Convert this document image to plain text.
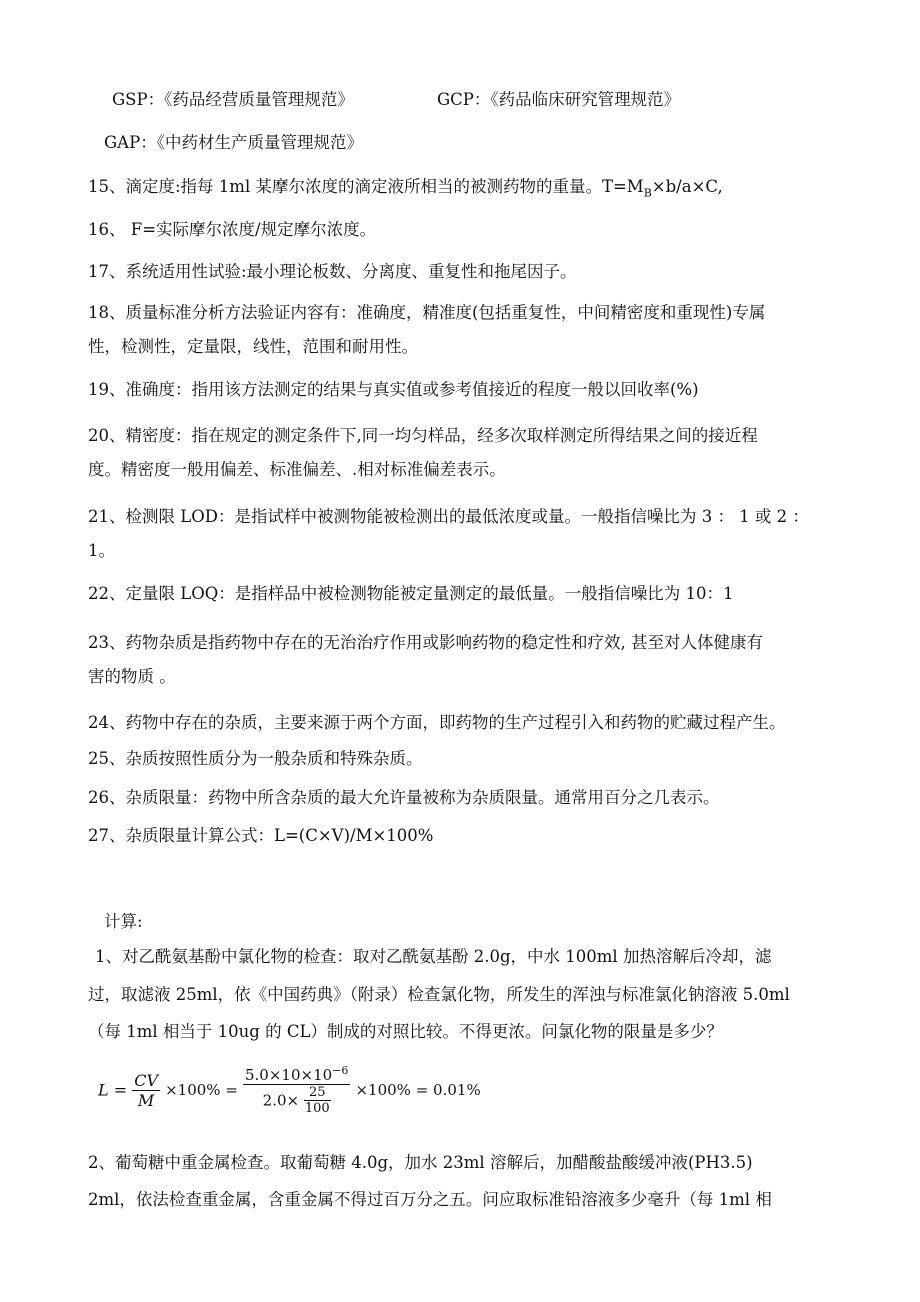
GSP：《药品经营质量管理规范》	GCP：《药品临床研究管理规范》
GAP：《中药材生产质量管理规范》
15、滴定度:指每 1ml 某摩尔浓度的滴定液所相当的被测药物的重量。$T=M_B\times b/a\times C$,
16、 F=实际摩尔浓度/规定摩尔浓度。
17、系统适用性试验:最小理论板数、分离度、重复性和拖尾因子。
18、质量标准分析方法验证内容有：准确度，精准度(包括重复性，中间精密度和重现性)专属
性，检测性，定量限，线性，范围和耐用性。
19、准确度：指用该方法测定的结果与真实值或参考值接近的程度一般以回收率(%)
20、精密度：指在规定的测定条件下,同一均匀样品，经多次取样测定所得结果之间的接近程
度。精密度一般用偏差、标准偏差、.相对标准偏差表示。
21、检测限 LOD：是指试样中被测物能被检测出的最低浓度或量。一般指信噪比为 3 ： 1 或 2 ：
1。
22、定量限 LOQ：是指样品中被检测物能被定量测定的最低量。一般指信噪比为 10：1
23、药物杂质是指药物中存在的无治治疗作用或影响药物的稳定性和疗效, 甚至对人体健康有
害的物质 。
24、药物中存在的杂质，主要来源于两个方面，即药物的生产过程引入和药物的贮藏过程产生。
25、杂质按照性质分为一般杂质和特殊杂质。
26、杂质限量：药物中所含杂质的最大允许量被称为杂质限量。通常用百分之几表示。
27、杂质限量计算公式：L=(C×V)/M×100%
计算:
1、对乙酰氨基酚中氯化物的检查：取对乙酰氨基酚 2.0g，中水 100ml 加热溶解后冷却，滤
过，取滤液 25ml，依《中国药典》（附录）检查氯化物，所发生的浑浊与标准氯化钠溶液 5.0ml
（每 1ml 相当于 10ug 的 CL）制成的对照比较。不得更浓。问氯化物的限量是多少？
$L = \frac{CV}{M} \times 100\% = \frac{5.0\times 10\times 10^{-6}}{2.0\times \frac{25}{100}} \times 100\% = 0.01\%$
2、葡萄糖中重金属检查。取葡萄糖 4.0g，加水 23ml 溶解后，加醋酸盐酸缓冲液(PH3.5)
2ml，依法检查重金属，含重金属不得过百万分之五。问应取标准铅溶液多少毫升（每 1ml 相
